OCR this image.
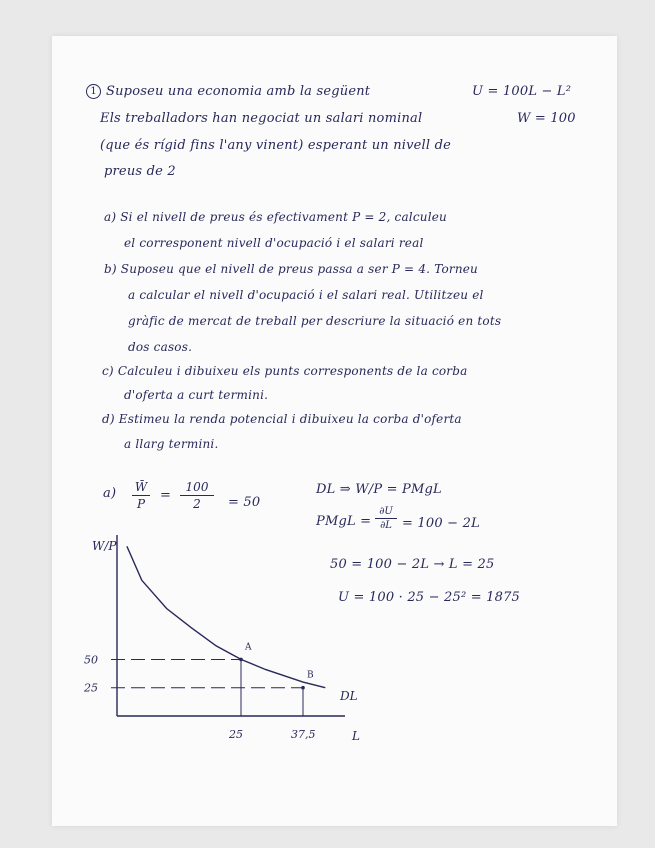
1 Suposeu una economia amb la següent	U = 100L − L²
Els treballadors han negociat un salari nominal	W = 100
(que és rígid fins l'any vinent) esperant un nivell de
preus de 2
a) Si el nivell de preus és efectivament P = 2, calculeu
el corresponent nivell d'ocupació i el salari real
b) Suposeu que el nivell de preus passa a ser P = 4. Torneu
a calcular el nivell d'ocupació i el salari real. Utilitzeu el
gràfic de mercat de treball per descriure la situació en tots
dos casos.
c) Calculeu i dibuixeu els punts corresponents de la corba
d'oferta a curt termini.
d) Estimeu la renda potencial i dibuixeu la corba d'oferta
a llarg termini.
a) W̄
P
=
100
2	= 50
DL ⇒ W/P = PMgL
PMgL =
∂U
∂L = 100 − 2L
50 = 100 − 2L → L = 25
U = 100 · 25 − 25² = 1875
W/P
L
DL
A
50
25
B
25
37,5
